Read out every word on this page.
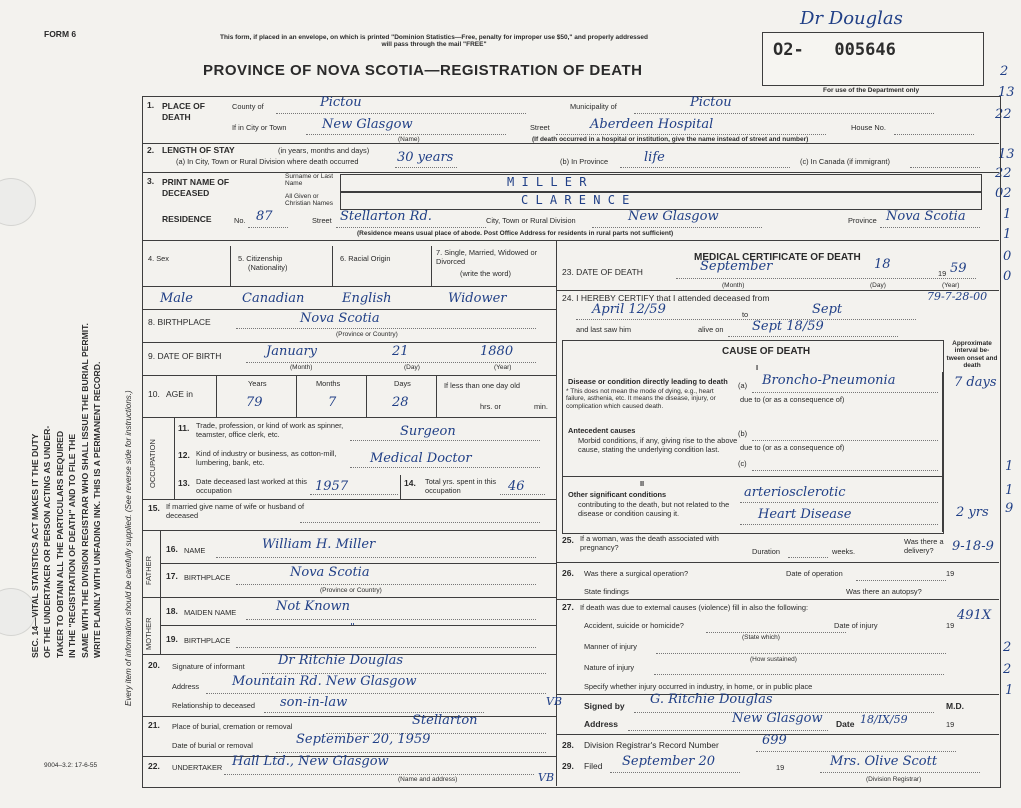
FORM 6	This form, if placed in an envelope, on which is printed "Dominion Statistics—Free, penalty for improper use $50," and properly addressed will pass through the mail "FREE"
PROVINCE OF NOVA SCOTIA—REGISTRATION OF DEATH
O2-   005646
For use of the Department only
Dr Douglas
2
13
22
13
22
02
1
1
0
0
79-7-28-00
1
1
9
9-18-9
491X
2
2
1
SEC. 14—VITAL STATISTICS ACT MAKES IT THE DUTY OF THE UNDERTAKER OR PERSON ACTING AS UNDER- TAKER TO OBTAIN ALL THE PARTICULARS REQUIRED IN THE "REGISTRATION OF DEATH" AND TO FILE THE SAME WITH THE DIVISION REGISTRAR WHO SHALL ISSUE THE BURIAL PERMIT. WRITE PLAINLY WITH UNFADING INK. THIS IS A PERMANENT RECORD.	Every item of information should be carefully supplied. (See reverse side for instructions.)
1. PLACE OF DEATH
County of	Pictou	Municipality of	Pictou
If in City or Town	New Glasgow
(Name)
Street	Aberdeen Hospital	House No.
(If death occurred in a hospital or institution, give the name instead of street and number)
2. LENGTH OF STAY	(in years, months and days)
(a) In City, Town or Rural Division where death occurred	30 years	(b) In Province	life	(c) In Canada (if immigrant)
3. PRINT NAME OF DECEASED
Surname or Last Name
All Given or Christian Names
M I L L E R
C L A R E N C E
RESIDENCE	No. 87	Street Stellarton Rd.	City, Town or Rural Division	New Glasgow	Province Nova Scotia
(Residence means usual place of abode. Post Office Address for residents in rural parts not sufficient)
4. Sex	5. Citizenship
(Nationality)
6. Racial Origin
7. Single, Married, Widowed or Divorced
(write the word)
Male	Canadian	English	Widower
8. BIRTHPLACE	Nova Scotia
(Province or Country)
9. DATE OF BIRTH	January	21	1880
(Month)	(Day)	(Year)
10. AGE in
Years	Months	Days
79	7	28
If less than one day old
hrs. or	min.
OCCUPATION
11. Trade, profession, or kind of work as spinner, teamster, office clerk, etc.	Surgeon
12. Kind of industry or business, as cotton-mill, lumbering, bank, etc.	Medical Doctor
13. Date deceased last worked at this occupation	1957	14. Total yrs. spent in this occupation	46
15. If married give name of wife or husband of deceased
FATHER
16. NAME	William H. Miller
17. BIRTHPLACE	Nova Scotia
(Province or Country)
MOTHER
18. MAIDEN NAME	Not Known
"
19. BIRTHPLACE
20. Signature of informant	Dr Ritchie Douglas
Address	Mountain Rd. New Glasgow
Relationship to deceased son-in-law	VB
21. Place of burial, cremation or removal	Stellarton
Date of burial or removal	September 20, 1959
22. UNDERTAKER Hall Ltd., New Glasgow
(Name and address)	VB
MEDICAL CERTIFICATE OF DEATH
23. DATE OF DEATH	September	18
19 59
(Month)	(Day)	(Year)
24. I HEREBY CERTIFY that I attended deceased from
April 12/59	to	Sept
and last saw him	alive on Sept 18/59
CAUSE OF DEATH
I
Approximate interval be- tween onset and death
Disease or condition directly leading to death
* This does not mean the mode of dying, e.g., heart failure, asthenia, etc. It means the disease, injury, or complication which caused death.
(a) Broncho-Pneumonia	7 days
due to (or as a consequence of)
Antecedent causes
Morbid conditions, if any, giving rise to the above cause, stating the underlying condition last.
(b)
due to (or as a consequence of)
(c)
II
Other significant conditions
contributing to the death, but not related to the disease or condition causing it.
arteriosclerotic
Heart Disease	2 yrs
25. If a woman, was the death associated with pregnancy?	Duration	weeks.
Was there a delivery?
26. Was there a surgical operation?	Date of operation	19
State findings	Was there an autopsy?
27. If death was due to external causes (violence) fill in also the following:
Accident, suicide or homicide?
(State which)
Date of injury	19
Manner of injury
(How sustained)
Nature of injury
Specify whether injury occurred in industry, in home, or in public place
Signed by G. Ritchie Douglas	M.D.
Address	New Glasgow Date 18/IX/59	19
28. Division Registrar's Record Number	699
29. Filed September 20	19	Mrs. Olive Scott
(Division Registrar)
9004–3.2: 17-6-55
